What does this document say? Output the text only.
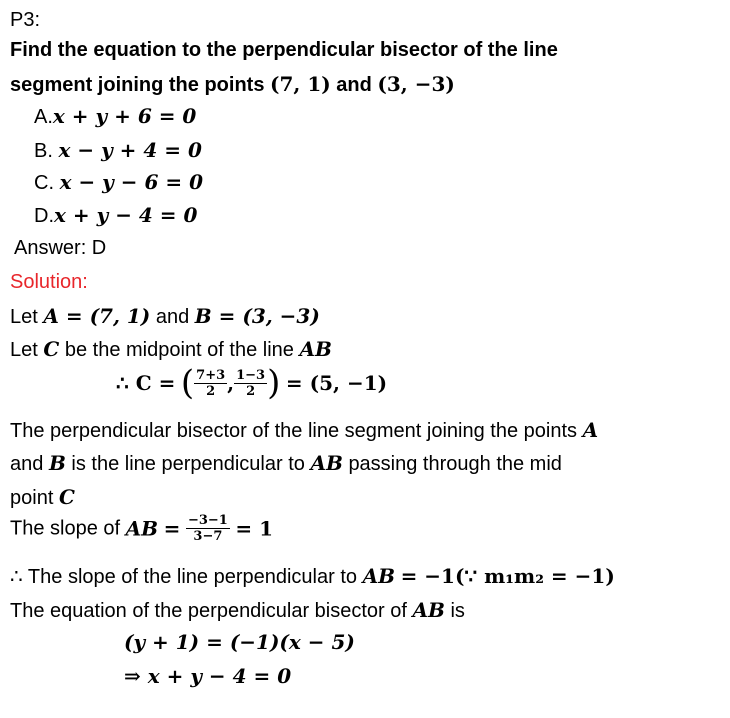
P3:
Find the equation to the perpendicular bisector of the line
segment joining the points (7, 1) and (3, −3)
A.x + y + 6 = 0
B. x − y + 4 = 0
C. x − y − 6 = 0
D.x + y − 4 = 0
Answer: D
Solution:
Let A = (7, 1) and B = (3, −3)
Let C be the midpoint of the line AB
∴ C = ( $\frac{7+3}{2}$ , $\frac{1-3}{2}$ ) = (5, −1)
The perpendicular bisector of the line segment joining the points A
and B is the line perpendicular to AB passing through the mid
point C
The slope of AB = $\frac{-3-1}{3-7} = 1$
∴ The slope of the line perpendicular to AB = −1(∵ m₁m₂ = −1)
The equation of the perpendicular bisector of AB is
(y + 1) = (−1)(x − 5)
⇒ x + y − 4 = 0
